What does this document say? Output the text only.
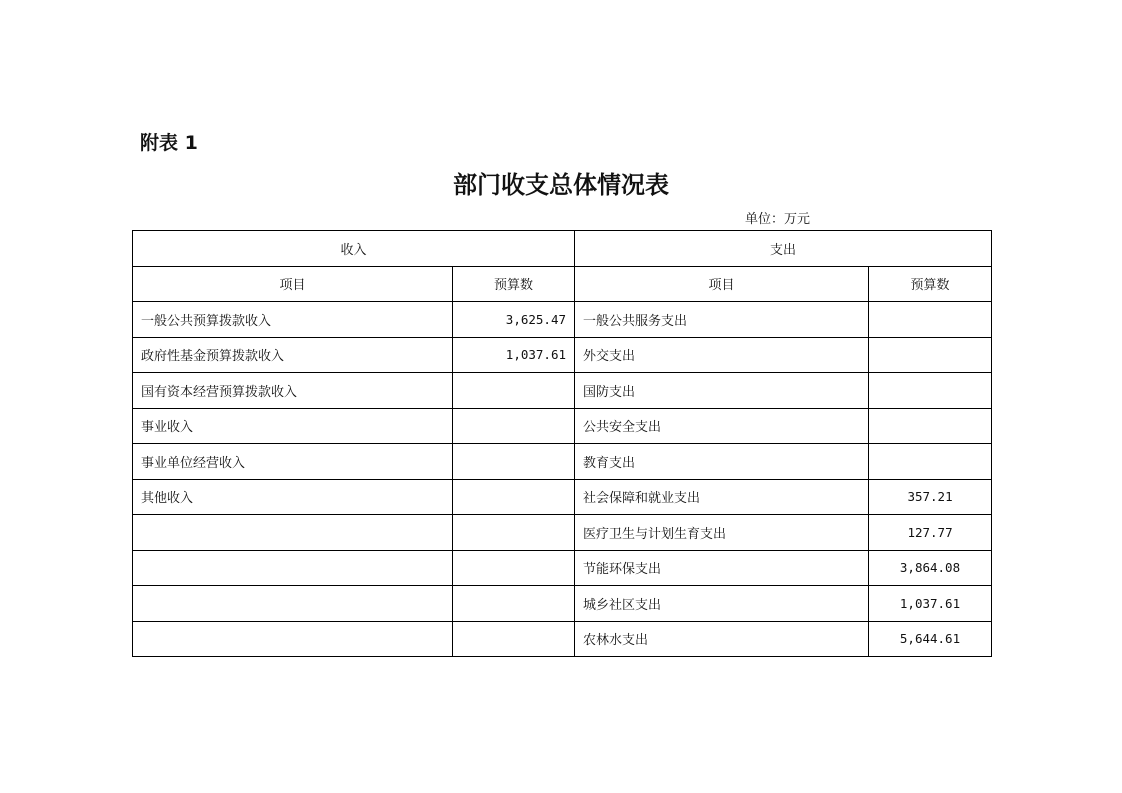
附表 1
部门收支总体情况表
单位：万元
收入		支出	
项目	预算数	项目	预算数
一般公共预算拨款收入	3,625.47	一般公共服务支出	
政府性基金预算拨款收入	1,037.61	外交支出	
国有资本经营预算拨款收入		国防支出	
事业收入		公共安全支出	
事业单位经营收入		教育支出	
其他收入		社会保障和就业支出	357.21
		医疗卫生与计划生育支出	127.77
		节能环保支出	3,864.08
		城乡社区支出	1,037.61
		农林水支出	5,644.61
